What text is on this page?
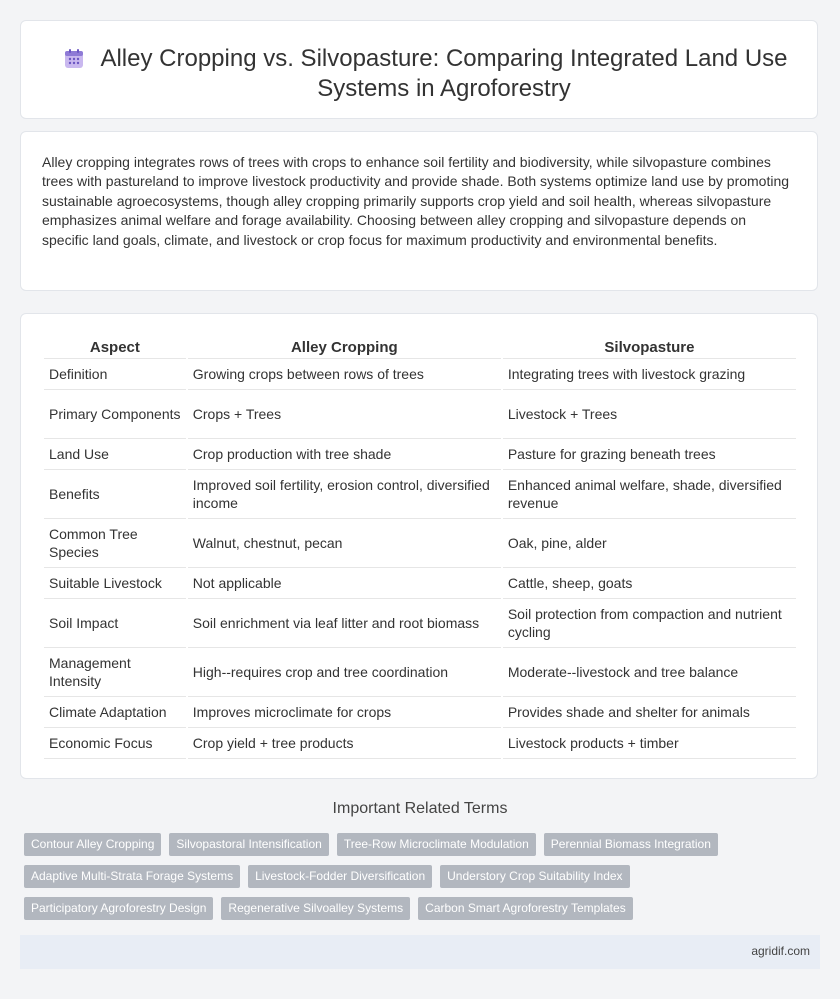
Alley Cropping vs. Silvopasture: Comparing Integrated Land Use Systems in Agroforestry

Alley cropping integrates rows of trees with crops to enhance soil fertility and biodiversity, while silvopasture combines trees with pastureland to improve livestock productivity and provide shade. Both systems optimize land use by promoting sustainable agroecosystems, though alley cropping primarily supports crop yield and soil health, whereas silvopasture emphasizes animal welfare and forage availability. Choosing between alley cropping and silvopasture depends on specific land goals, climate, and livestock or crop focus for maximum productivity and environmental benefits.

Aspect	Alley Cropping	Silvopasture
Definition	Growing crops between rows of trees	Integrating trees with livestock grazing
Primary Components	Crops + Trees	Livestock + Trees
Land Use	Crop production with tree shade	Pasture for grazing beneath trees
Benefits	Improved soil fertility, erosion control, diversified income	Enhanced animal welfare, shade, diversified revenue
Common Tree Species	Walnut, chestnut, pecan	Oak, pine, alder
Suitable Livestock	Not applicable	Cattle, sheep, goats
Soil Impact	Soil enrichment via leaf litter and root biomass	Soil protection from compaction and nutrient cycling
Management Intensity	High--requires crop and tree coordination	Moderate--livestock and tree balance
Climate Adaptation	Improves microclimate for crops	Provides shade and shelter for animals
Economic Focus	Crop yield + tree products	Livestock products + timber
Important Related Terms
Contour Alley Cropping	Silvopastoral Intensification	Tree-Row Microclimate Modulation	Perennial Biomass Integration
Adaptive Multi-Strata Forage Systems	Livestock-Fodder Diversification	Understory Crop Suitability Index
Participatory Agroforestry Design	Regenerative Silvoalley Systems	Carbon Smart Agroforestry Templates
agridif.com
